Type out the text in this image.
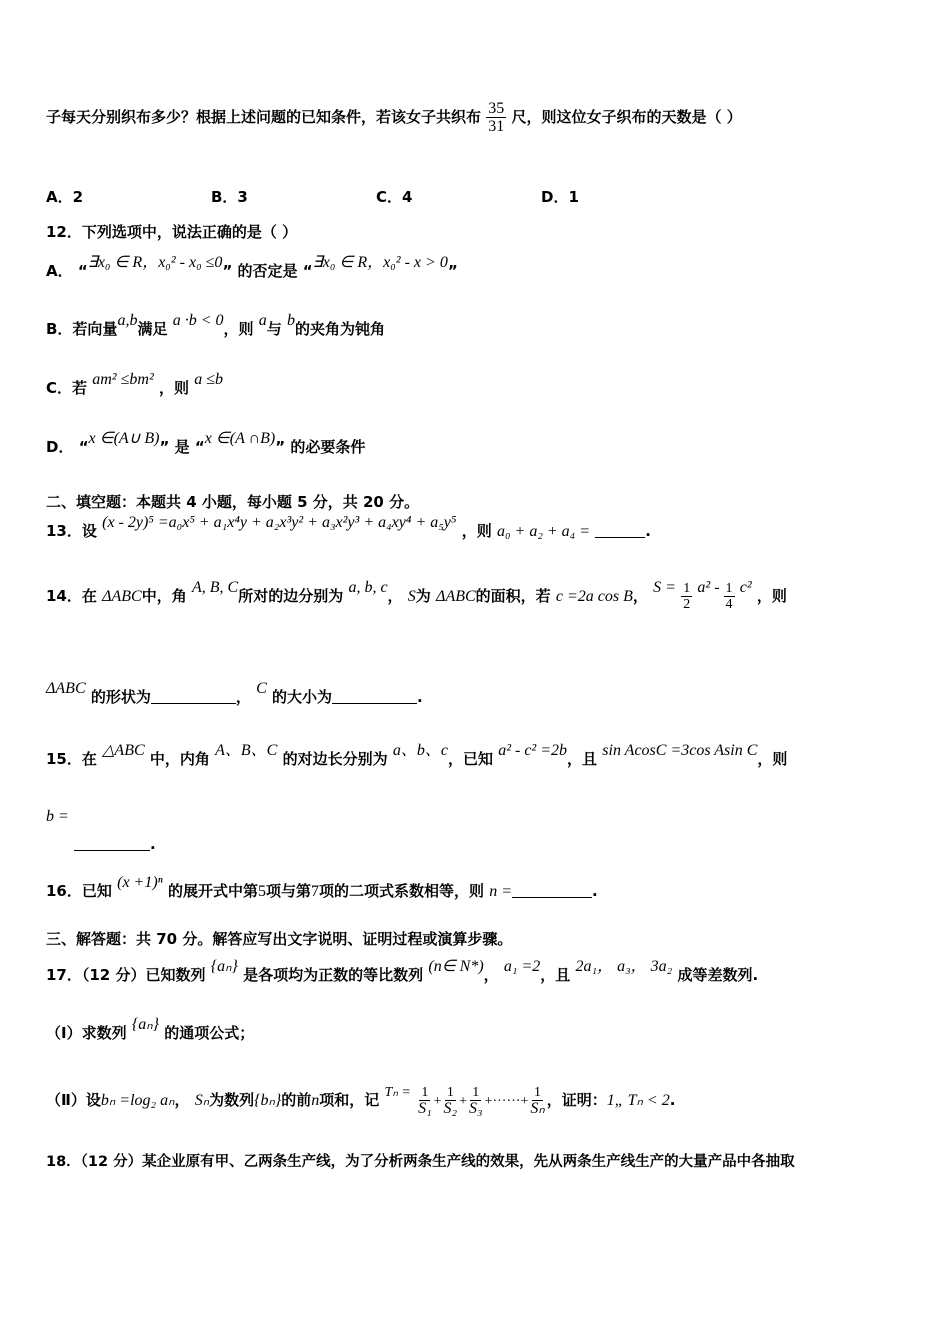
子每天分别织布多少？根据上述问题的已知条件，若该女子共织布 $\frac{35}{31}$ 尺，则这位女子织布的天数是（ ）
A．2	B．3	C．4	D．1
12．下列选项中，说法正确的是（ ）
A． “∃x₀ ∈ R，x₀² - x₀ ≤0” 的否定是 “∃x₀ ∈ R，x₀² - x > 0”
B．若向量a,b满足 a ·b < 0，则 a与 b的夹角为钝角
C．若 am² ≤bm² ，则 a ≤b
D． “x ∈(A∪ B)” 是 “x ∈(A ∩B)” 的必要条件
二、填空题：本题共 4 小题，每小题 5 分，共 20 分。
13．设 (x - 2y)⁵ =a₀x⁵ + a₁x⁴y + a₂x³y² + a₃x²y³ + a₄xy⁴ + a₅y⁵ ，则 a₀ + a₂ + a₄ =	.
14．在 ΔABC中，角 A, B, C所对的边分别为 a, b, c， S为 ΔABC的面积，若 c =2a cos B， $S = \frac{1}{2} a^2 - \frac{1}{4} c^2$ ，则
ΔABC 的形状为	， C 的大小为	.
15．在 △ABC 中，内角 A、B、C 的对边长分别为 a、b、c，已知 a² - c² =2b，且 sin AcosC =3cos Asin C，则
b =
.
16．已知 (x +1)ⁿ 的展开式中第5项与第7项的二项式系数相等，则 n =	.
三、解答题：共 70 分。解答应写出文字说明、证明过程或演算步骤。
17．（12 分）已知数列 {aₙ} 是各项均为正数的等比数列 (n∈ N*)， a₁ =2，且 2a₁， a₃， 3a₂ 成等差数列.
（Ⅰ）求数列 {aₙ} 的通项公式；
（Ⅱ）设bₙ =log₂ aₙ， Sₙ为数列{bₙ}的前n项和，记 $T_n = \frac{1}{\text{S₁}} + \frac{1}{\text{S₂}} + \frac{1}{\text{S₃}}$ +······+ $\frac{1}{\text{Sₙ}}$ ，证明：1„ Tₙ < 2.
18．（12 分）某企业原有甲、乙两条生产线，为了分析两条生产线的效果，先从两条生产线生产的大量产品中各抽取
